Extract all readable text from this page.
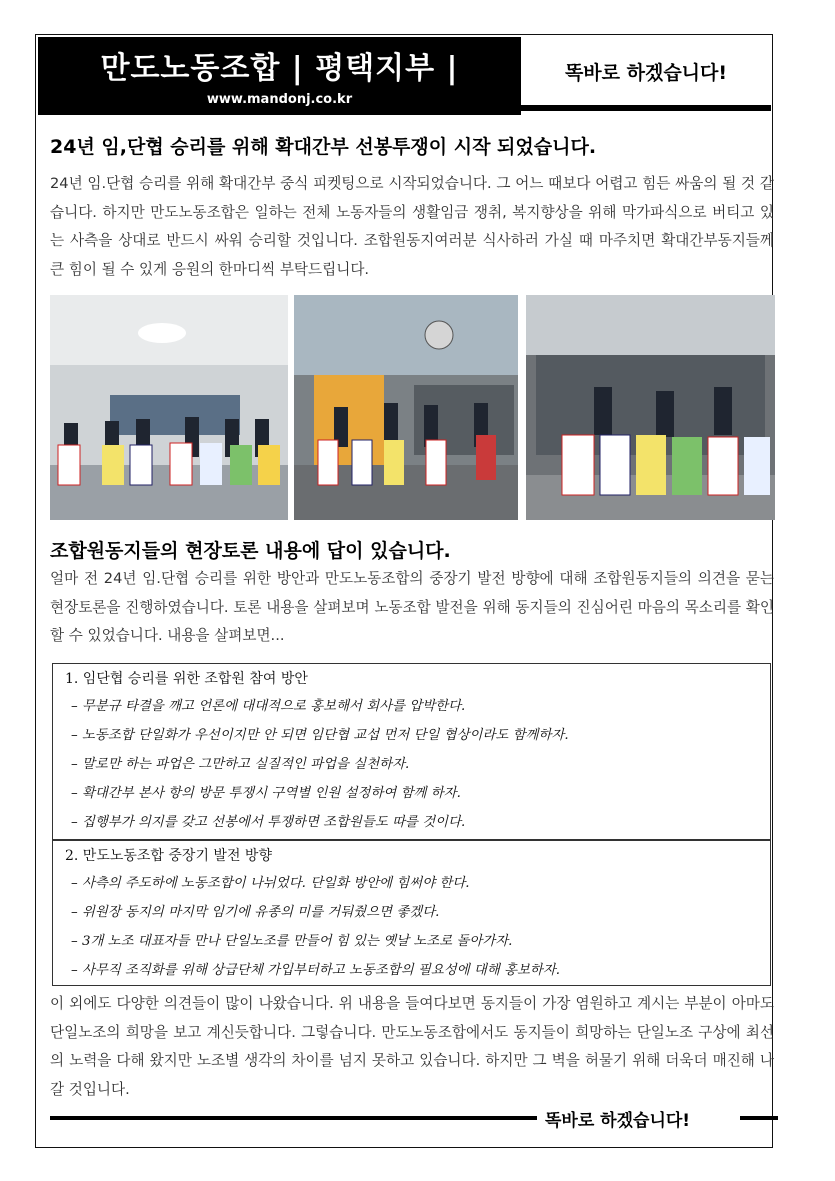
만도노동조합 | 평택지부 |
www.mandonj.co.kr
똑바로 하겠습니다!
24년 임,단협 승리를 위해 확대간부 선봉투쟁이 시작 되었습니다.

24년 임.단협 승리를 위해 확대간부 중식 피켓팅으로 시작되었습니다. 그 어느 때보다 어렵고 힘든 싸움의 될 것 같습니다. 하지만 만도노동조합은 일하는 전체 노동자들의 생활임금 쟁취, 복지향상을 위해 막가파식으로 버티고 있는 사측을 상대로 반드시 싸워 승리할 것입니다. 조합원동지여러분 식사하러 가실 때 마주치면 확대간부동지들께 큰 힘이 될 수 있게 응원의 한마디씩 부탁드립니다.

조합원동지들의 현장토론 내용에 답이 있습니다.

얼마 전 24년 임.단협 승리를 위한 방안과 만도노동조합의 중장기 발전 방향에 대해 조합원동지들의 의견을 묻는 현장토론을 진행하였습니다. 토론 내용을 살펴보며 노동조합 발전을 위해 동지들의 진심어린 마음의 목소리를 확인할 수 있었습니다. 내용을 살펴보면...

1. 임단협 승리를 위한 조합원 참여 방안
– 무분규 타결을 깨고 언론에 대대적으로 홍보해서 회사를 압박한다.
– 노동조합 단일화가 우선이지만 안 되면 임단협 교섭 먼저 단일 협상이라도 함께하자.
– 말로만 하는 파업은 그만하고 실질적인 파업을 실천하자.
– 확대간부 본사 항의 방문 투쟁시 구역별 인원 설정하여 함께 하자.
– 집행부가 의지를 갖고 선봉에서 투쟁하면 조합원들도 따를 것이다.
2. 만도노동조합 중장기 발전 방향
– 사측의 주도하에 노동조합이 나뉘었다. 단일화 방안에 힘써야 한다.
– 위원장 동지의 마지막 임기에 유종의 미를 거둬줬으면 좋겠다.
– 3개 노조 대표자들 만나 단일노조를 만들어 힘 있는 옛날 노조로 돌아가자.
– 사무직 조직화를 위해 상급단체 가입부터하고 노동조합의 필요성에 대해 홍보하자.

이 외에도 다양한 의견들이 많이 나왔습니다. 위 내용을 들여다보면 동지들이 가장 염원하고 계시는 부분이 아마도 단일노조의 희망을 보고 계신듯합니다. 그렇습니다. 만도노동조합에서도 동지들이 희망하는 단일노조 구상에 최선의 노력을 다해 왔지만 노조별 생각의 차이를 넘지 못하고 있습니다. 하지만 그 벽을 허물기 위해 더욱더 매진해 나갈 것입니다.

똑바로 하겠습니다!
